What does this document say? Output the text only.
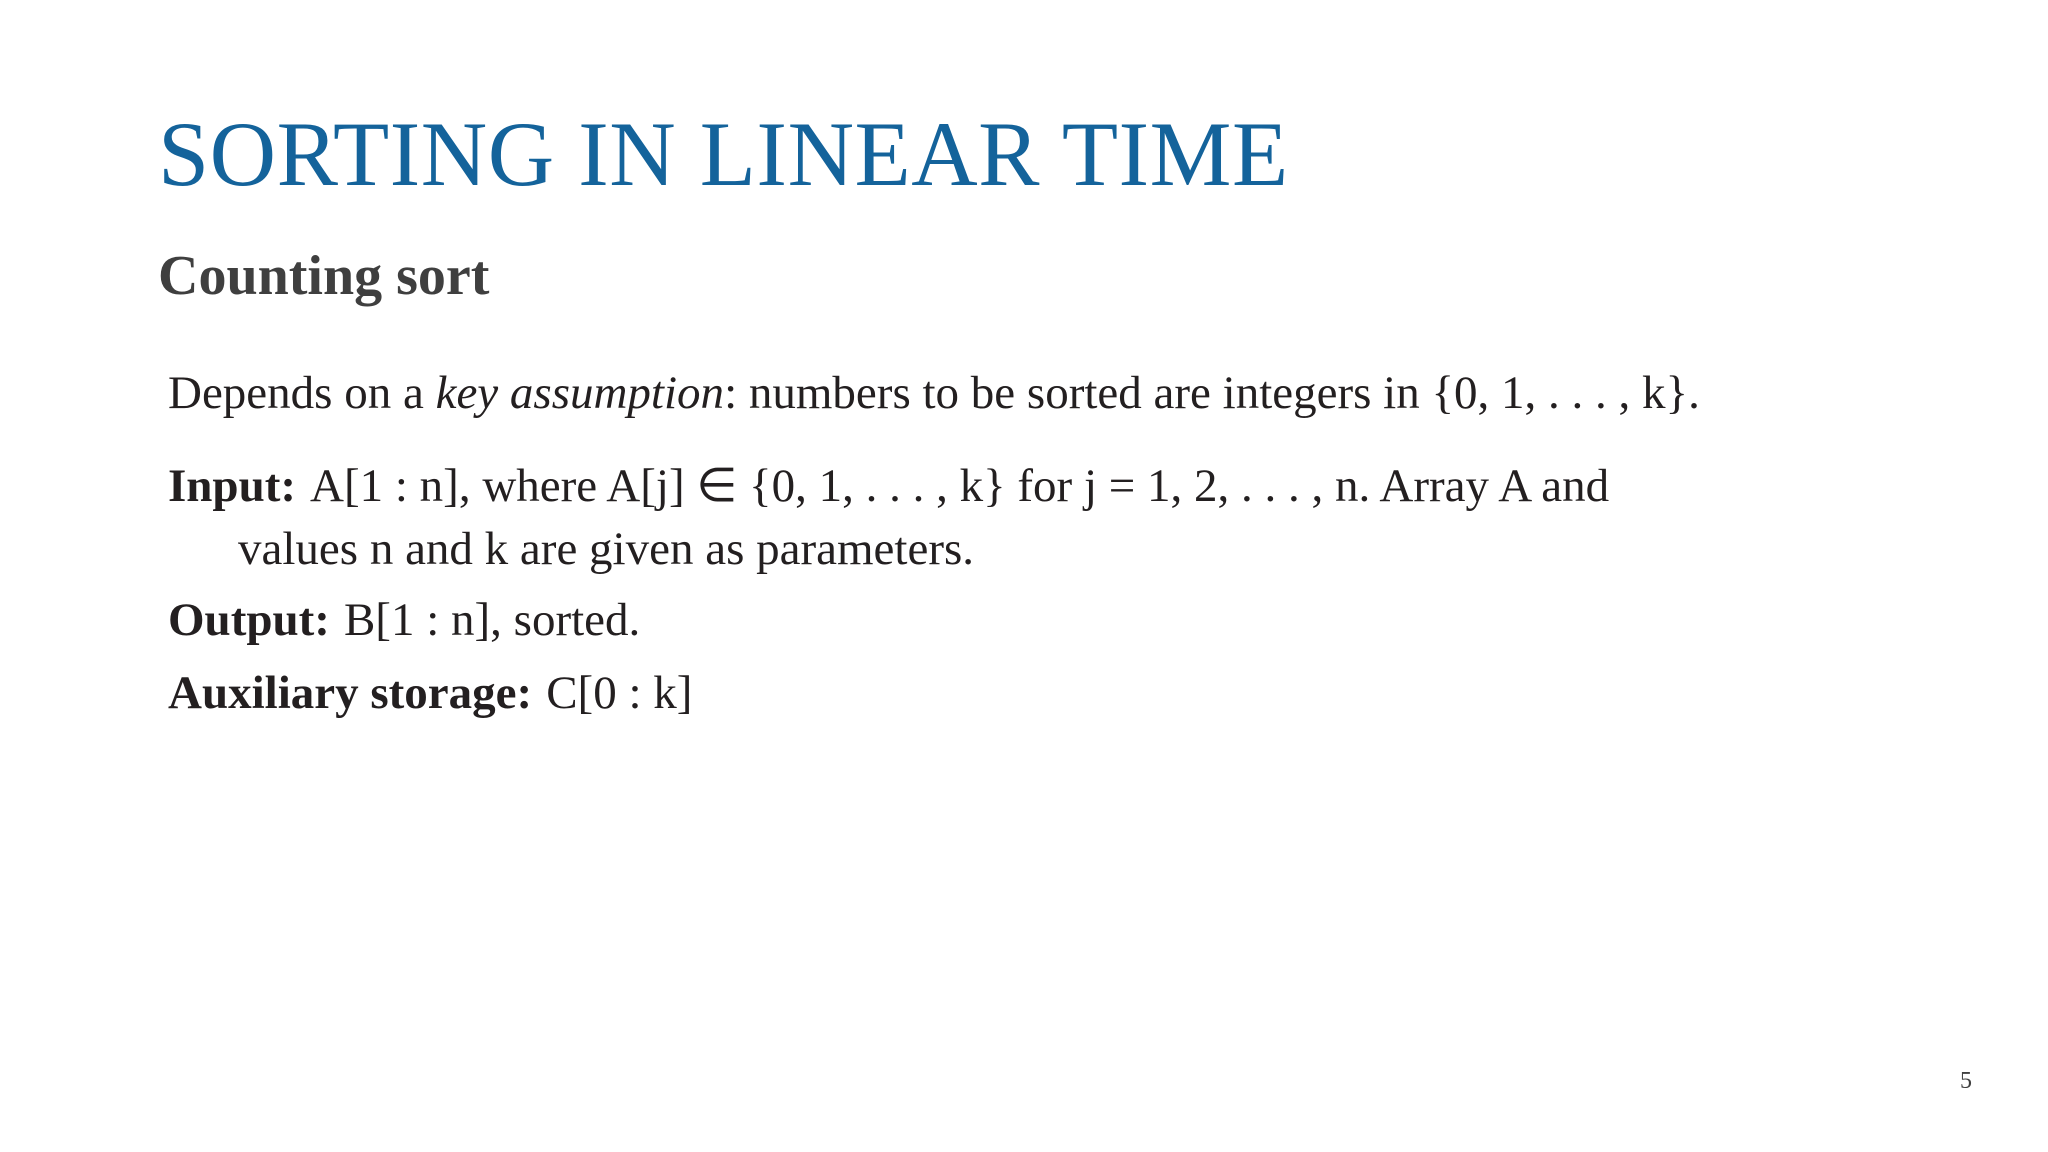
SORTING IN LINEAR TIME
Counting sort
Depends on a key assumption: numbers to be sorted are integers in {0, 1, . . . , k}.
Input: A[1 : n], where A[j] ∈ {0, 1, . . . , k} for j = 1, 2, . . . , n. Array A and
values n and k are given as parameters.
Output: B[1 : n], sorted.
Auxiliary storage: C[0 : k]
5
